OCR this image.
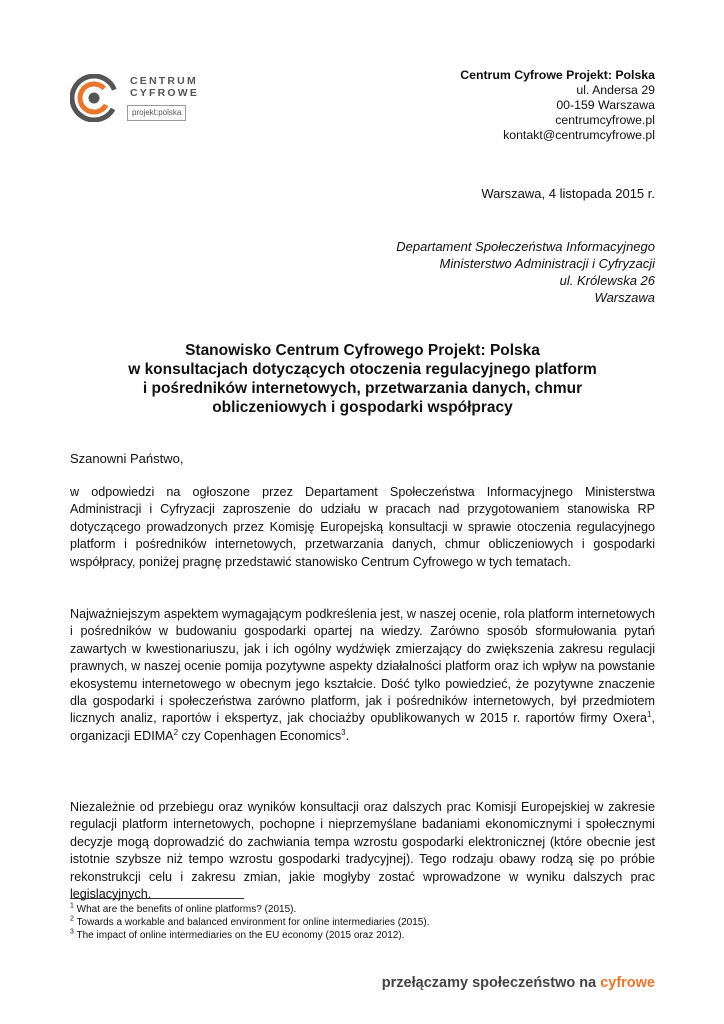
CENTRUM
CYFROWE
projekt:polska
Centrum Cyfrowe Projekt: Polska
ul. Andersa 29
00-159 Warszawa
centrumcyfrowe.pl
kontakt@centrumcyfrowe.pl
Warszawa, 4 listopada 2015 r.
Departament Społeczeństwa Informacyjnego
Ministerstwo Administracji i Cyfryzacji
ul. Królewska 26
Warszawa
Stanowisko Centrum Cyfrowego Projekt: Polska
w konsultacjach dotyczących otoczenia regulacyjnego platform
i pośredników internetowych, przetwarzania danych, chmur
obliczeniowych i gospodarki współpracy
Szanowni Państwo,
w odpowiedzi na ogłoszone przez Departament Społeczeństwa Informacyjnego Ministerstwa Administracji i Cyfryzacji zaproszenie do udziału w pracach nad przygotowaniem stanowiska RP dotyczącego prowadzonych przez Komisję Europejską konsultacji w sprawie otoczenia regulacyjnego platform i pośredników internetowych, przetwarzania danych, chmur obliczeniowych i gospodarki współpracy, poniżej pragnę przedstawić stanowisko Centrum Cyfrowego w tych tematach.
Najważniejszym aspektem wymagającym podkreślenia jest, w naszej ocenie, rola platform internetowych i pośredników w budowaniu gospodarki opartej na wiedzy. Zarówno sposób sformułowania pytań zawartych w kwestionariuszu, jak i ich ogólny wydźwięk zmierzający do zwiększenia zakresu regulacji prawnych, w naszej ocenie pomija pozytywne aspekty działalności platform oraz ich wpływ na powstanie ekosystemu internetowego w obecnym jego kształcie. Dość tylko powiedzieć, że pozytywne znaczenie dla gospodarki i społeczeństwa zarówno platform, jak i pośredników internetowych, był przedmiotem licznych analiz, raportów i ekspertyz, jak chociażby opublikowanych w 2015 r. raportów firmy Oxera$^1$, organizacji EDIMA$^2$ czy Copenhagen Economics$^3$.
Niezależnie od przebiegu oraz wyników konsultacji oraz dalszych prac Komisji Europejskiej w zakresie regulacji platform internetowych, pochopne i nieprzemyślane badaniami ekonomicznymi i społecznymi decyzje mogą doprowadzić do zachwiania tempa wzrostu gospodarki elektronicznej (które obecnie jest istotnie szybsze niż tempo wzrostu gospodarki tradycyjnej). Tego rodzaju obawy rodzą się po próbie rekonstrukcji celu i zakresu zmian, jakie mogłyby zostać wprowadzone w wyniku dalszych prac legislacyjnych.
$^1$ What are the benefits of online platforms? (2015).
$^2$ Towards a workable and balanced environment for online intermediaries (2015).
$^3$ The impact of online intermediaries on the EU economy (2015 oraz 2012).
przełączamy społeczeństwo na cyfrowe
